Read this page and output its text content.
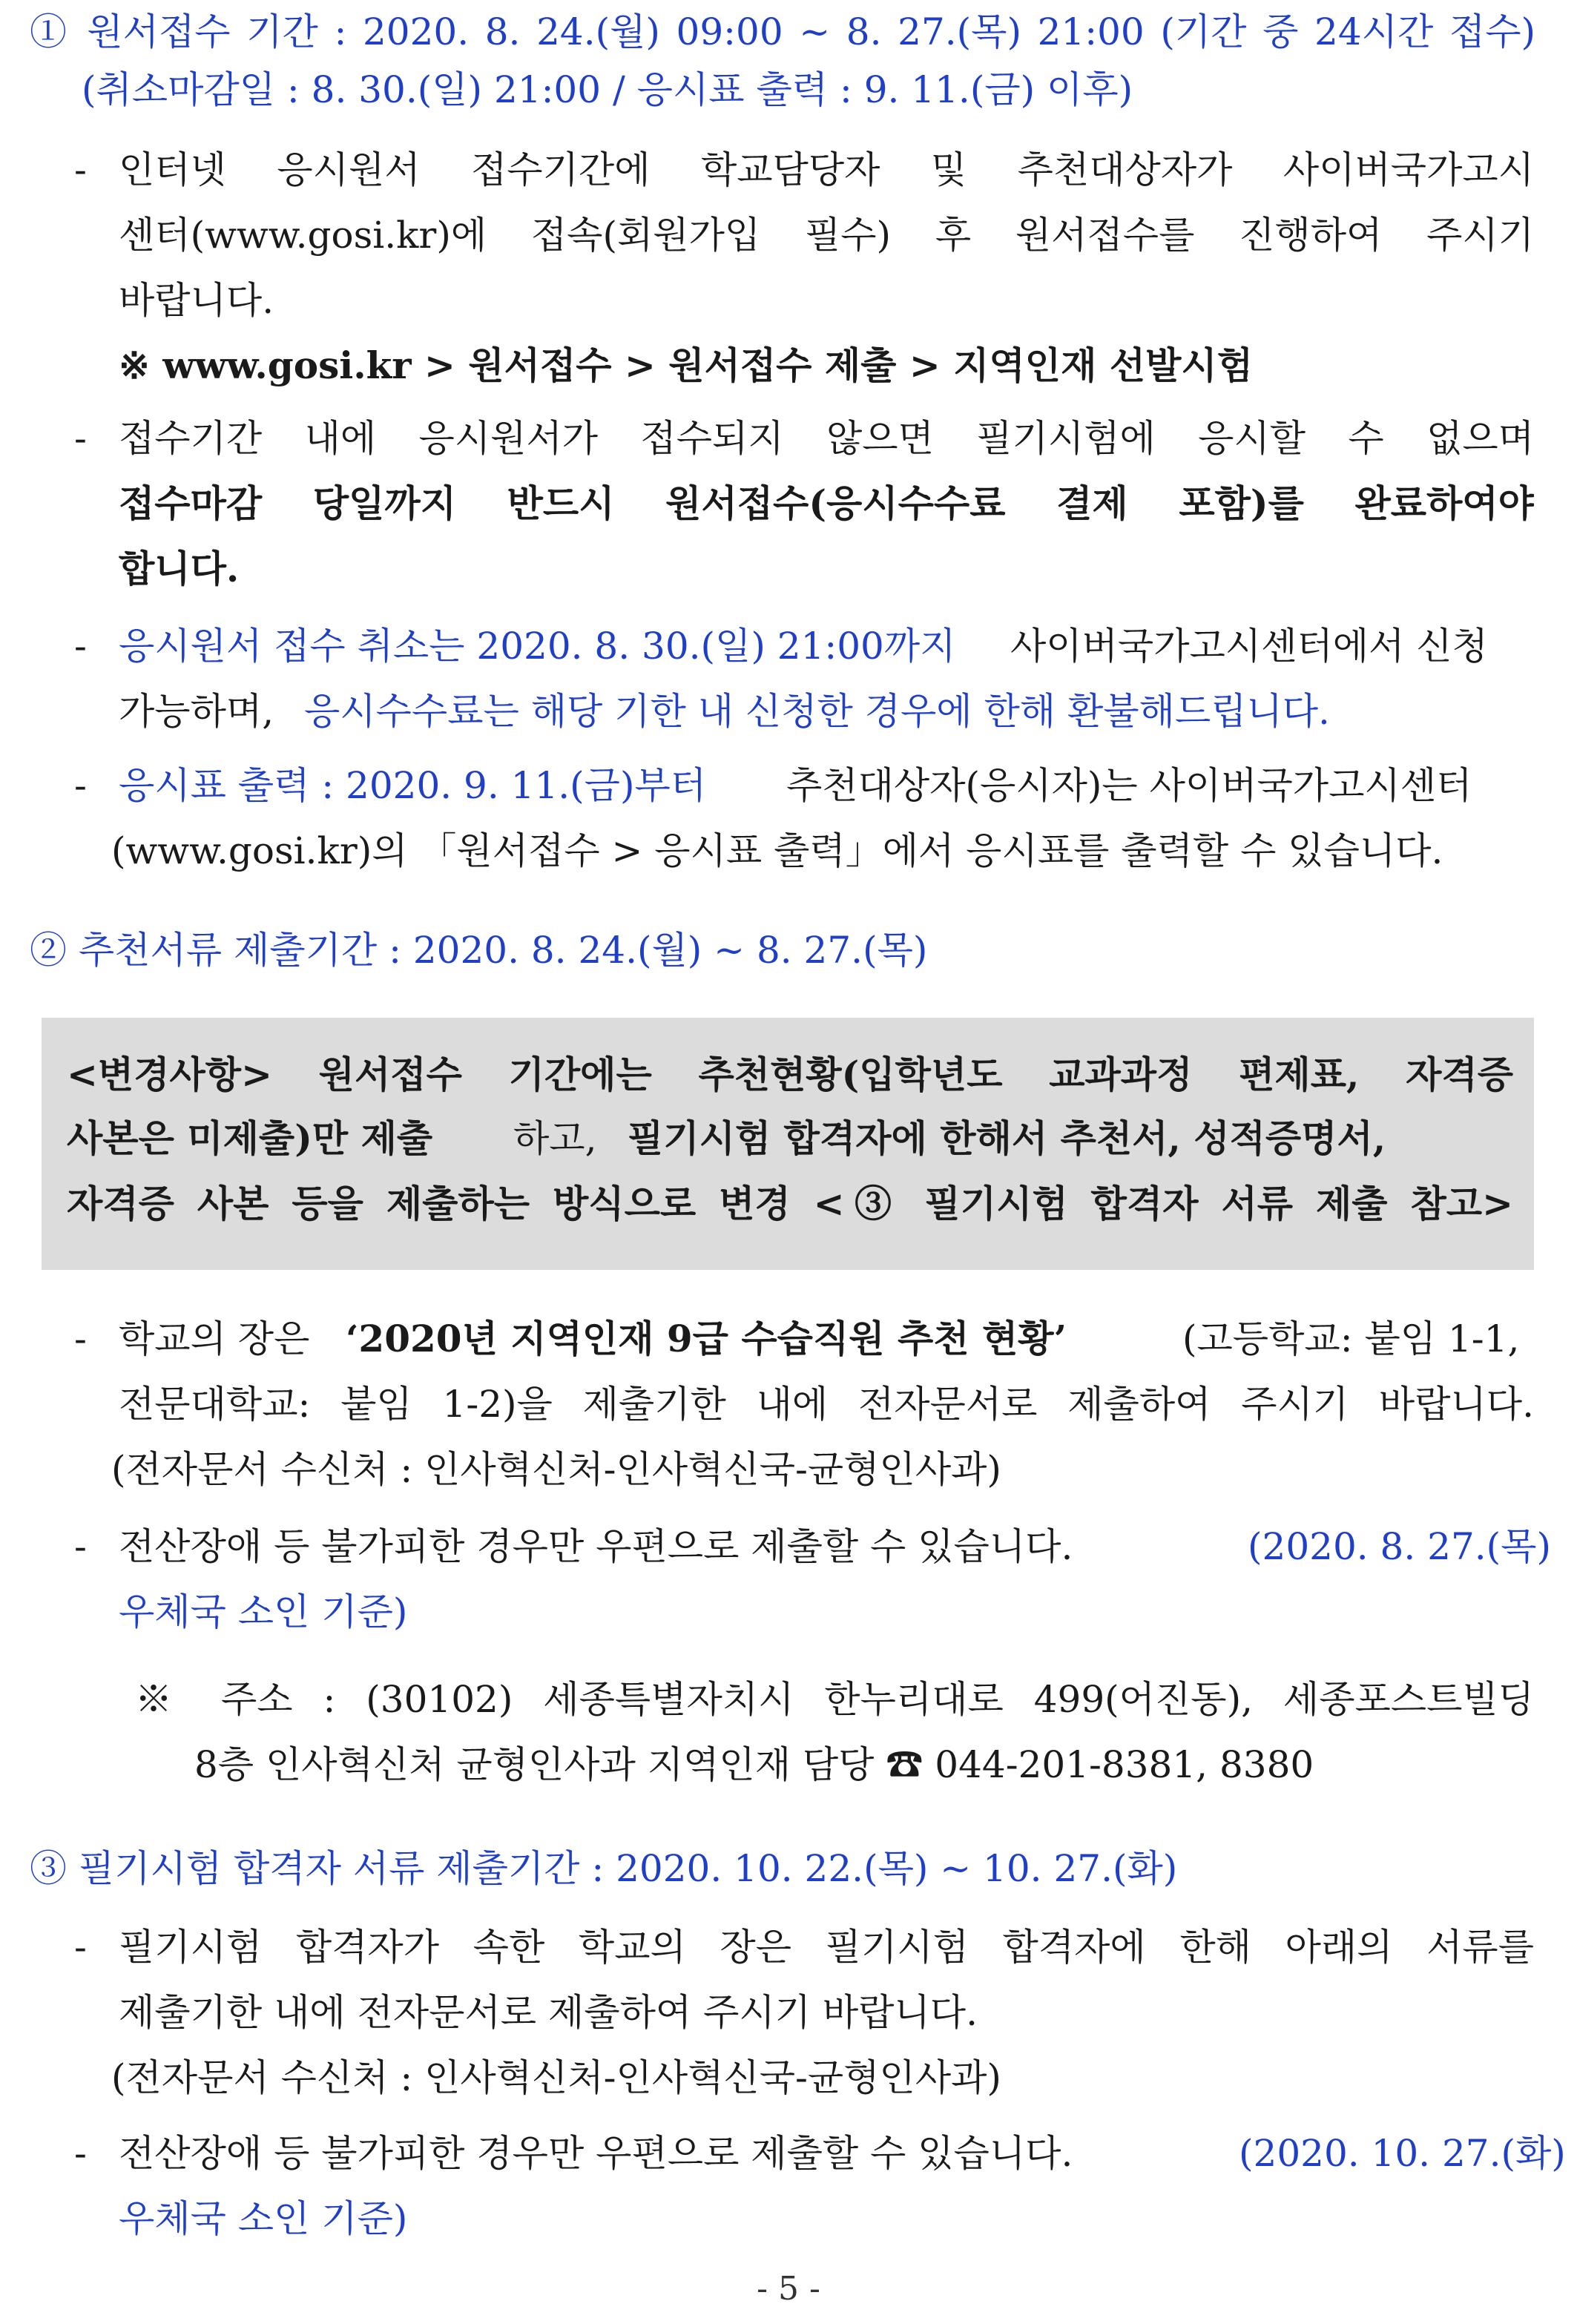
① 원서접수 기간 : 2020. 8. 24.(월) 09:00 ~ 8. 27.(목) 21:00 (기간 중 24시간 접수)
(취소마감일 : 8. 30.(일) 21:00 / 응시표 출력 : 9. 11.(금) 이후)
- 인터넷 응시원서 접수기간에 학교담당자 및 추천대상자가 사이버국가고시
센터(www.gosi.kr)에 접속(회원가입 필수) 후 원서접수를 진행하여 주시기
바랍니다.
※ www.gosi.kr > 원서접수 > 원서접수 제출 > 지역인재 선발시험
- 접수기간 내에 응시원서가 접수되지 않으면 필기시험에 응시할 수 없으며
접수마감 당일까지 반드시 원서접수(응시수수료 결제 포함)를 완료하여야
합니다.
- 응시원서 접수 취소는 2020. 8. 30.(일) 21:00까지 사이버국가고시센터에서 신청
가능하며, 응시수수료는 해당 기한 내 신청한 경우에 한해 환불해드립니다.
- 응시표 출력 : 2020. 9. 11.(금)부터 추천대상자(응시자)는 사이버국가고시센터
(www.gosi.kr)의 「원서접수 > 응시표 출력」에서 응시표를 출력할 수 있습니다.
② 추천서류 제출기간 : 2020. 8. 24.(월) ~ 8. 27.(목)
<변경사항> 원서접수 기간에는 추천현황(입학년도 교과과정 편제표, 자격증
사본은 미제출)만 제출 하고, 필기시험 합격자에 한해서 추천서, 성적증명서,
자격증 사본 등을 제출하는 방식으로 변경 <③ 필기시험 합격자 서류 제출 참고>
- 학교의 장은 ‘2020년 지역인재 9급 수습직원 추천 현황’	(고등학교: 붙임 1-1,
전문대학교: 붙임 1-2)을 제출기한 내에 전자문서로 제출하여 주시기 바랍니다.
(전자문서 수신처 : 인사혁신처-인사혁신국-균형인사과)
- 전산장애 등 불가피한 경우만 우편으로 제출할 수 있습니다.	(2020. 8. 27.(목)
우체국 소인 기준)
※ 주소 : (30102) 세종특별자치시 한누리대로 499(어진동), 세종포스트빌딩
8층 인사혁신처 균형인사과 지역인재 담당 ☎ 044-201-8381, 8380
③ 필기시험 합격자 서류 제출기간 : 2020. 10. 22.(목) ~ 10. 27.(화)
- 필기시험 합격자가 속한 학교의 장은 필기시험 합격자에 한해 아래의 서류를
제출기한 내에 전자문서로 제출하여 주시기 바랍니다.
(전자문서 수신처 : 인사혁신처-인사혁신국-균형인사과)
- 전산장애 등 불가피한 경우만 우편으로 제출할 수 있습니다.	(2020. 10. 27.(화)
우체국 소인 기준)
- 5 -
